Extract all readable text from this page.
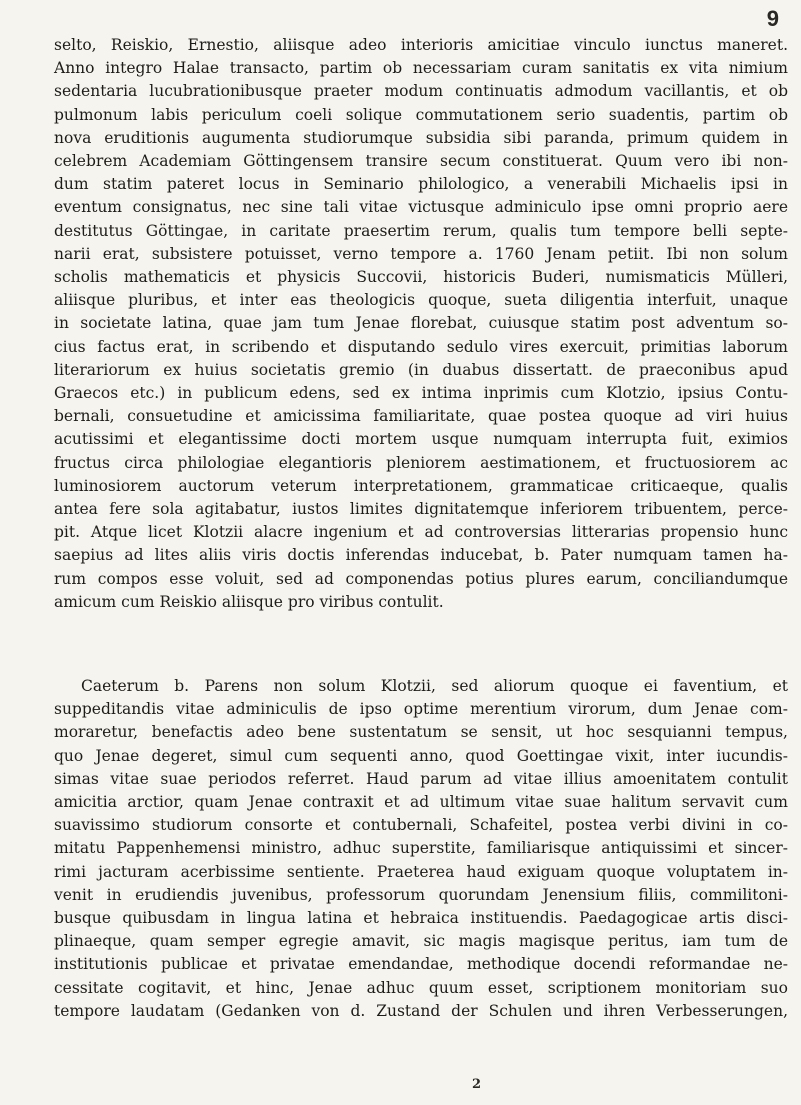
9
selto, Reiskio, Ernestio, aliisque adeo interioris amicitiae vinculo iunctus maneret.
Anno integro Halae transacto, partim ob necessariam curam sanitatis ex vita nimium
sedentaria lucubrationibusque praeter modum continuatis admodum vacillantis, et ob
pulmonum labis periculum coeli solique commutationem serio suadentis, partim ob
nova eruditionis augumenta studiorumque subsidia sibi paranda, primum quidem in
celebrem Academiam Göttingensem transire secum constituerat. Quum vero ibi non-
dum statim pateret locus in Seminario philologico, a venerabili Michaelis ipsi in
eventum consignatus, nec sine tali vitae victusque adminiculo ipse omni proprio aere
destitutus Göttingae, in caritate praesertim rerum, qualis tum tempore belli septe-
narii erat, subsistere potuisset, verno tempore a. 1760 Jenam petiit. Ibi non solum
scholis mathematicis et physicis Succovii, historicis Buderi, numismaticis Mülleri,
aliisque pluribus, et inter eas theologicis quoque, sueta diligentia interfuit, unaque
in societate latina, quae jam tum Jenae florebat, cuiusque statim post adventum so-
cius factus erat, in scribendo et disputando sedulo vires exercuit, primitias laborum
literariorum ex huius societatis gremio (in duabus dissertatt. de praeconibus apud
Graecos etc.) in publicum edens, sed ex intima inprimis cum Klotzio, ipsius Contu-
bernali, consuetudine et amicissima familiaritate, quae postea quoque ad viri huius
acutissimi et elegantissime docti mortem usque numquam interrupta fuit, eximios
fructus circa philologiae elegantioris pleniorem aestimationem, et fructuosiorem ac
luminosiorem auctorum veterum interpretationem, grammaticae criticaeque, qualis
antea fere sola agitabatur, iustos limites dignitatemque inferiorem tribuentem, perce-
pit. Atque licet Klotzii alacre ingenium et ad controversias litterarias propensio hunc
saepius ad lites aliis viris doctis inferendas inducebat, b. Pater numquam tamen ha-
rum compos esse voluit, sed ad componendas potius plures earum, conciliandumque
amicum cum Reiskio aliisque pro viribus contulit.
Caeterum b. Parens non solum Klotzii, sed aliorum quoque ei faventium, et
suppeditandis vitae adminiculis de ipso optime merentium virorum, dum Jenae com-
moraretur, benefactis adeo bene sustentatum se sensit, ut hoc sesquianni tempus,
quo Jenae degeret, simul cum sequenti anno, quod Goettingae vixit, inter iucundis-
simas vitae suae periodos referret. Haud parum ad vitae illius amoenitatem contulit
amicitia arctior, quam Jenae contraxit et ad ultimum vitae suae halitum servavit cum
suavissimo studiorum consorte et contubernali, Schafeitel, postea verbi divini in co-
mitatu Pappenhemensi ministro, adhuc superstite, familiarisque antiquissimi et sincer-
rimi jacturam acerbissime sentiente. Praeterea haud exiguam quoque voluptatem in-
venit in erudiendis juvenibus, professorum quorundam Jenensium filiis, commilitoni-
busque quibusdam in lingua latina et hebraica instituendis. Paedagogicae artis disci-
plinaeque, quam semper egregie amavit, sic magis magisque peritus, iam tum de
institutionis publicae et privatae emendandae, methodique docendi reformandae ne-
cessitate cogitavit, et hinc, Jenae adhuc quum esset, scriptionem monitoriam suo
tempore laudatam (Gedanken von d. Zustand der Schulen und ihren Verbesserungen,
2
